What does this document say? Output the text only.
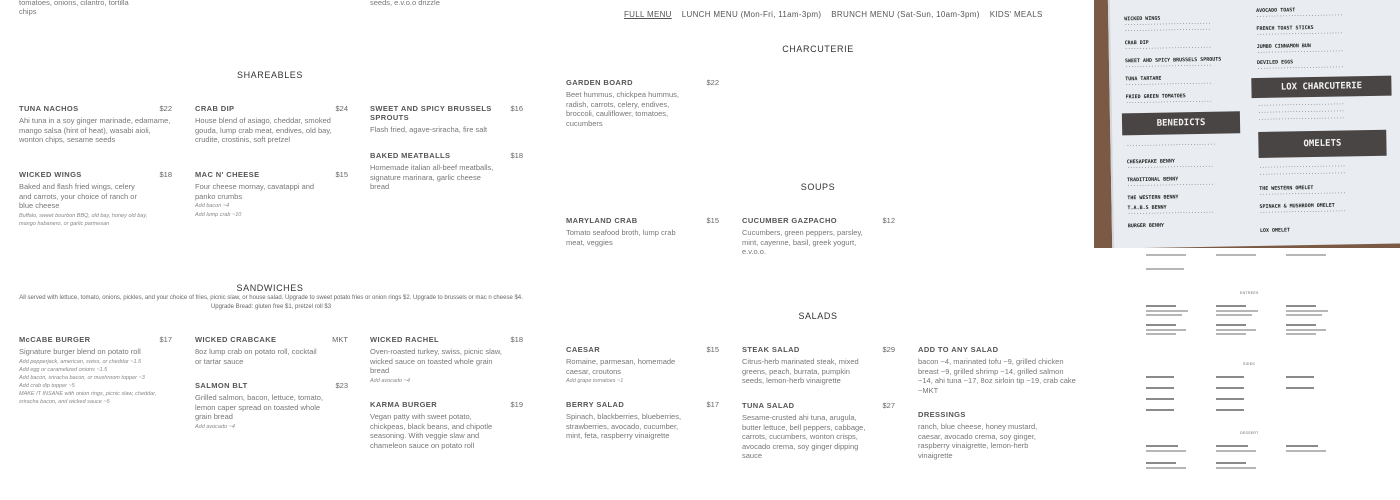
tomatoes, onions, cilantro, tortilla
chips
seeds, e.v.o.o drizzle
SHAREABLES
TUNA NACHOS	$22
Ahi tuna in a soy ginger marinade, edamame, mango salsa (hint of heat), wasabi aioli, wonton chips, sesame seeds
CRAB DIP	$24
House blend of asiago, cheddar, smoked gouda, lump crab meat, endives, old bay, crudite, crostinis, soft pretzel
SWEET AND SPICY BRUSSELS SPROUTS
$16
Flash fried, agave-sriracha, fire salt
WICKED WINGS	$18
Baked and flash fried wings, celery and carrots, your choice of ranch or blue cheese
Buffalo, sweet bourbon BBQ, old bay, honey old bay, mango habanero, or garlic parmesan
MAC N' CHEESE	$15
Four cheese mornay, cavatappi and panko crumbs
Add bacon ~4
Add lump crab ~10
BAKED MEATBALLS	$18
Homemade italian all-beef meatballs, signature marinara, garlic cheese bread
SANDWICHES
All served with lettuce, tomato, onions, pickles, and your choice of fries, picnic slaw, or house salad. Upgrade to sweet potato fries or onion rings $2. Upgrade to brussels or mac n cheese $4. Upgrade Bread: gluten free $1, pretzel roll $3
McCABE BURGER	$17
Signature burger blend on potato roll
Add pepperjack, american, swiss, or cheddar ~1.5
Add egg or caramelized onions ~1.5
Add bacon, sriracha bacon, or mushroom topper ~3
Add crab dip topper ~5
MAKE IT INSANE with onion rings, picnic slaw, cheddar, sriracha bacon, and wicked sauce ~5
WICKED CRABCAKE	MKT
8oz lump crab on potato roll, cocktail or tartar sauce
WICKED RACHEL	$18
Oven-roasted turkey, swiss, picnic slaw, wicked sauce on toasted whole grain bread
Add avocado ~4
SALMON BLT	$23
Grilled salmon, bacon, lettuce, tomato, lemon caper spread on toasted whole grain bread
Add avocado ~4
KARMA BURGER	$19
Vegan patty with sweet potato, chickpeas, black beans, and chipotle seasoning. With veggie slaw and chameleon sauce on potato roll
FULL MENU LUNCH MENU (Mon-Fri, 11am-3pm) BRUNCH MENU (Sat-Sun, 10am-3pm) KIDS' MEALS
CHARCUTERIE
GARDEN BOARD	$22
Beet hummus, chickpea hummus, radish, carrots, celery, endives, broccoli, cauliflower, tomatoes, cucumbers
SOUPS
MARYLAND CRAB	$15
Tomato seafood broth, lump crab meat, veggies
CUCUMBER GAZPACHO	$12
Cucumbers, green peppers, parsley, mint, cayenne, basil, greek yogurt, e.v.o.o.
SALADS
CAESAR	$15
Romaine, parmesan, homemade caesar, croutons
Add grape tomatoes ~1
STEAK SALAD	$29
Citrus-herb marinated steak, mixed greens, peach, burrata, pumpkin seeds, lemon-herb vinaigrette
ADD TO ANY SALAD
bacon ~4, marinated tofu ~9, grilled chicken breast ~9, grilled shrimp ~14, grilled salmon ~14, ahi tuna ~17, 8oz sirloin tip ~19, crab cake ~MKT
BERRY SALAD	$17
Spinach, blackberries, blueberries, strawberries, avocado, cucumber, mint, feta, raspberry vinaigrette
TUNA SALAD	$27
Sesame-crusted ahi tuna, arugula, butter lettuce, bell peppers, cabbage, carrots, cucumbers, wonton crisps, avocado crema, soy ginger dipping sauce
DRESSINGS
ranch, blue cheese, honey mustard, caesar, avocado crema, soy ginger, raspberry vinaigrette, lemon-herb vinaigrette
WICKED WINGS
······························
······························
CRAB DIP
······························
SWEET AND SPICY BRUSSELS SPROUTS
······························
TUNA TARTARE
······························
FRIED GREEN TOMATOES
······························
BENEDICTS
·······························
CHESAPEAKE BENNY
······························
TRADITIONAL BENNY
······························
THE WESTERN BENNY
T.A.B.S BENNY
······························
BURGER BENNY
AVOCADO TOAST
······························
FRENCH TOAST STICKS
······························
JUMBO CINNAMON BUN
······························
DEVILED EGGS
······························
LOX CHARCUTERIE
······························
······························
······························
OMELETS
······························
······························
THE WESTERN OMELET
······························
SPINACH & MUSHROOM OMELET
······························
LOX OMELET
ENTREES
SIDES
DESSERT
